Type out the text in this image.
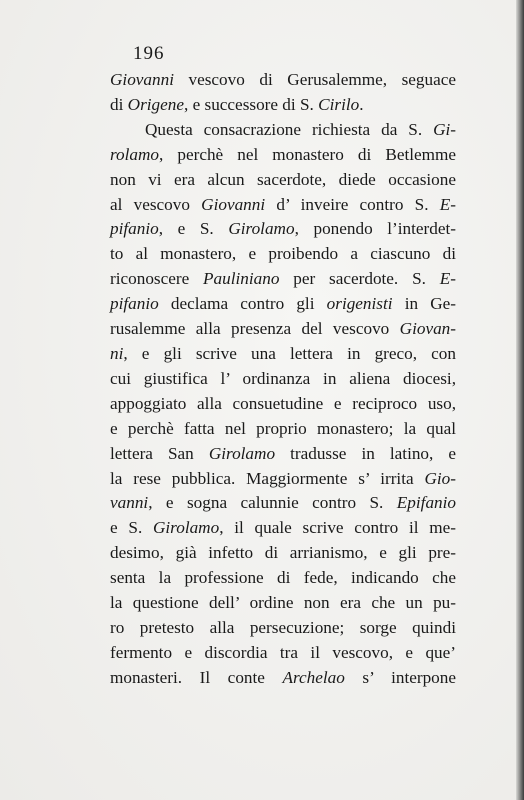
196
Giovanni vescovo di Gerusalemme, seguace
di Origene, e successore di S. Cirilo.
Questa consacrazione richiesta da S. Gi-
rolamo, perchè nel monastero di Betlemme
non vi era alcun sacerdote, diede occasione
al vescovo Giovanni d’ inveire contro S. E-
pifanio, e S. Girolamo, ponendo l’interdet-
to al monastero, e proibendo a ciascuno di
riconoscere Pauliniano per sacerdote. S. E-
pifanio declama contro gli origenisti in Ge-
rusalemme alla presenza del vescovo Giovan-
ni, e gli scrive una lettera in greco, con
cui giustifica l’ ordinanza in aliena diocesi,
appoggiato alla consuetudine e reciproco uso,
e perchè fatta nel proprio monastero; la qual
lettera San Girolamo tradusse in latino, e
la rese pubblica. Maggiormente s’ irrita Gio-
vanni, e sogna calunnie contro S. Epifanio
e S. Girolamo, il quale scrive contro il me-
desimo, già infetto di arrianismo, e gli pre-
senta la professione di fede, indicando che
la questione dell’ ordine non era che un pu-
ro pretesto alla persecuzione; sorge quindi
fermento e discordia tra il vescovo, e que’
monasteri. Il conte Archelao s’ interpone
